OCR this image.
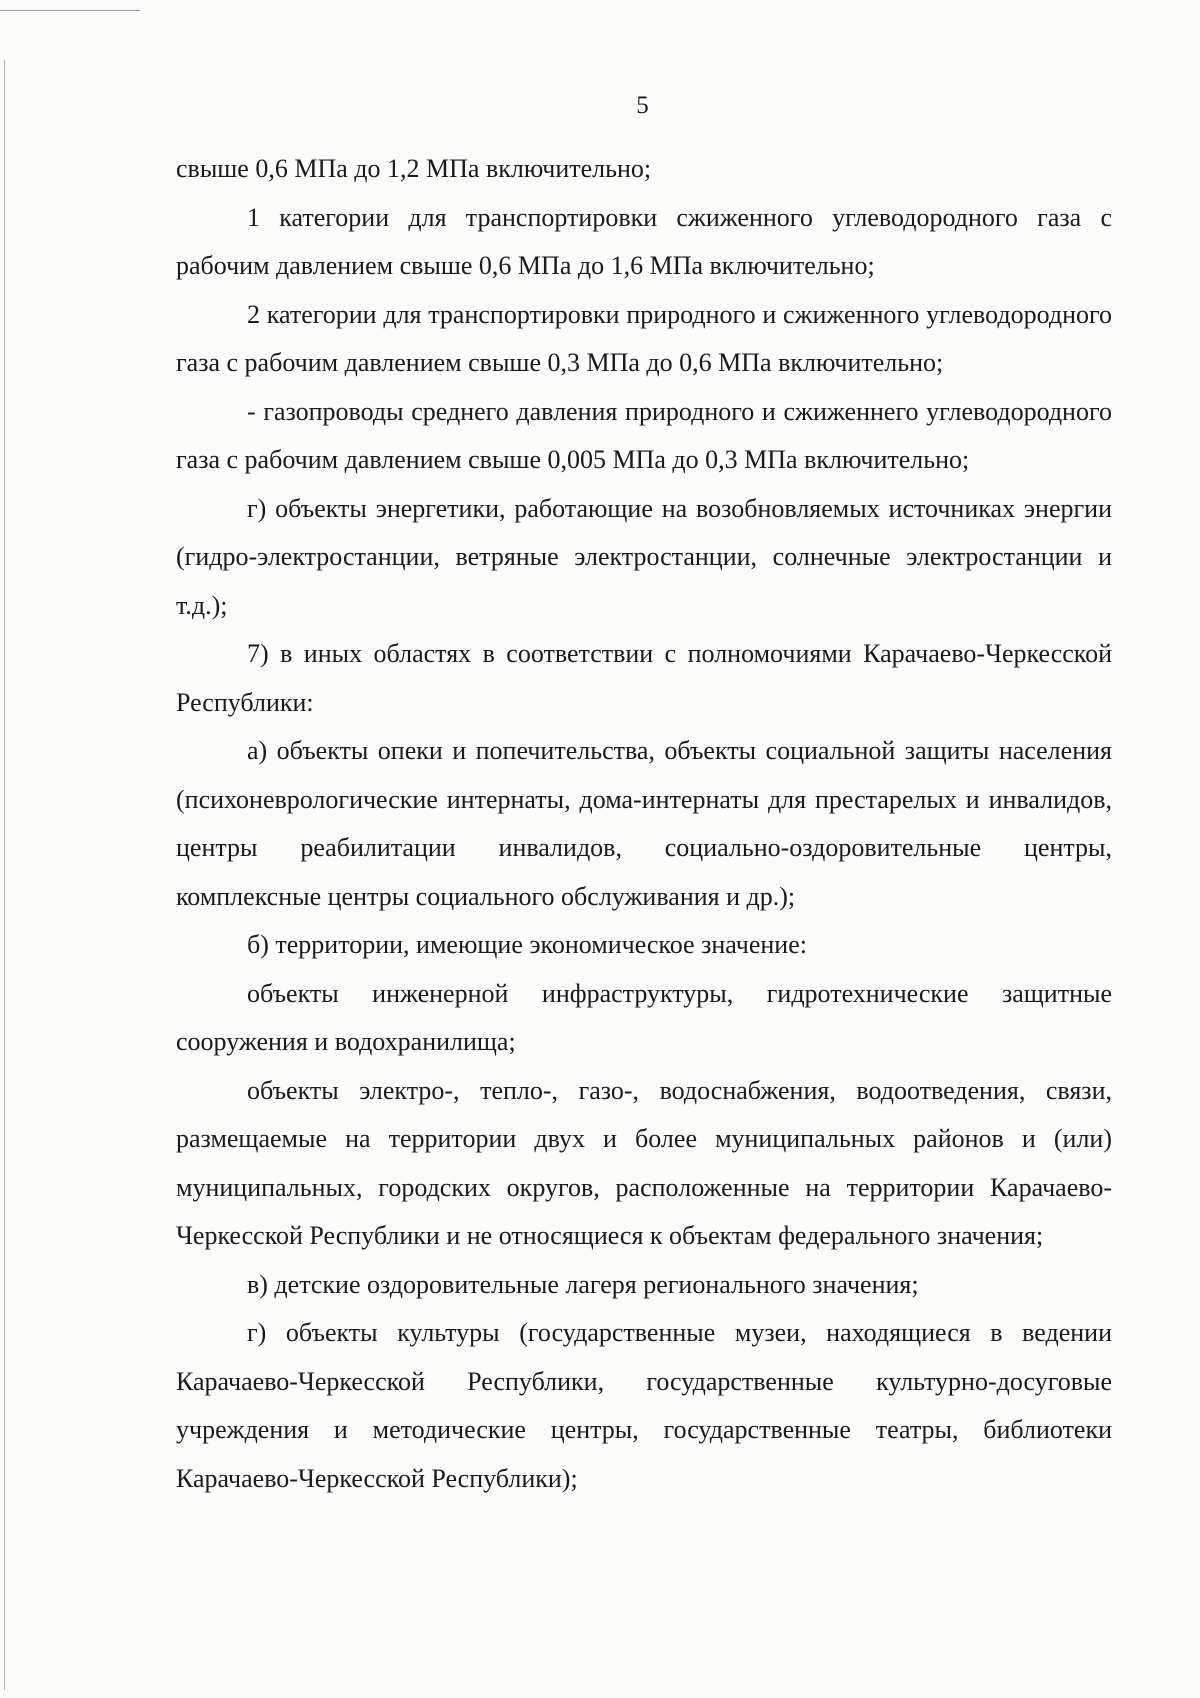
5

свыше 0,6 МПа до 1,2 МПа включительно;

1 категории для транспортировки сжиженного углеводородного газа с рабочим давлением свыше 0,6 МПа до 1,6 МПа включительно;

2 категории для транспортировки природного и сжиженного углеводородного газа с рабочим давлением свыше 0,3 МПа до 0,6 МПа включительно;

- газопроводы среднего давления природного и сжиженнего углеводородного газа с рабочим давлением свыше 0,005 МПа до 0,3 МПа включительно;

г) объекты энергетики, работающие на возобновляемых источниках энергии (гидро-электростанции, ветряные электростанции, солнечные электростанции и т.д.);

7) в иных областях в соответствии с полномочиями Карачаево-Черкесской Республики:

а) объекты опеки и попечительства, объекты социальной защиты населения (психоневрологические интернаты, дома-интернаты для престарелых и инвалидов, центры реабилитации инвалидов, социально-оздоровительные центры, комплексные центры социального обслуживания и др.);

б) территории, имеющие экономическое значение:

объекты инженерной инфраструктуры, гидротехнические защитные сооружения и водохранилища;

объекты электро-, тепло-, газо-, водоснабжения, водоотведения, связи, размещаемые на территории двух и более муниципальных районов и (или) муниципальных, городских округов, расположенные на территории Карачаево-Черкесской Республики и не относящиеся к объектам федерального значения;

в) детские оздоровительные лагеря регионального значения;

г) объекты культуры (государственные музеи, находящиеся в ведении Карачаево-Черкесской Республики, государственные культурно-досуговые учреждения и методические центры, государственные театры, библиотеки Карачаево-Черкесской Республики);
